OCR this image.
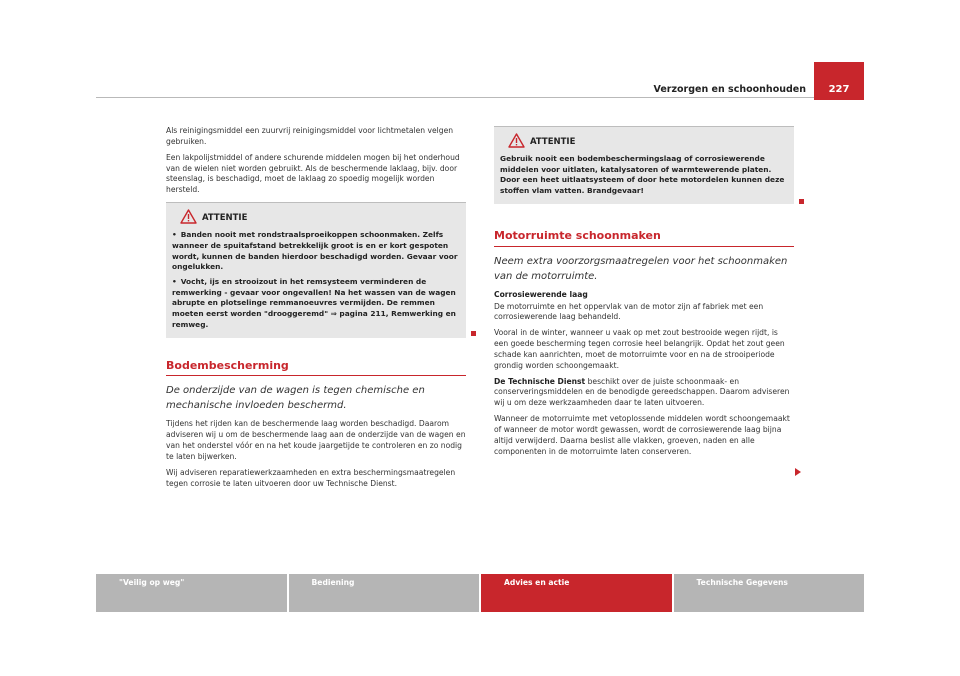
Verzorgen en schoonhouden	227

Als reinigingsmiddel een zuurvrij reinigingsmiddel voor lichtmetalen velgen gebruiken.

Een lakpolijstmiddel of andere schurende middelen mogen bij het onderhoud van de wielen niet worden gebruikt. Als de beschermende laklaag, bijv. door steenslag, is beschadigd, moet de laklaag zo spoedig mogelijk worden hersteld.

ATTENTIE

• Banden nooit met rondstraalsproeikoppen schoonmaken. Zelfs wanneer de spuitafstand betrekkelijk groot is en er kort gespoten wordt, kunnen de banden hierdoor beschadigd worden. Gevaar voor ongelukken.

• Vocht, ijs en strooizout in het remsysteem verminderen de remwerking - gevaar voor ongevallen! Na het wassen van de wagen abrupte en plotselinge remmanoeuvres vermijden. De remmen moeten eerst worden "drooggeremd" ⇒ pagina 211, Remwerking en remweg.

Bodembescherming
De onderzijde van de wagen is tegen chemische en mechanische invloeden beschermd.

Tijdens het rijden kan de beschermende laag worden beschadigd. Daarom adviseren wij u om de beschermende laag aan de onderzijde van de wagen en van het onderstel vóór en na het koude jaargetijde te controleren en zo nodig te laten bijwerken.

Wij adviseren reparatiewerkzaamheden en extra beschermingsmaatregelen tegen corrosie te laten uitvoeren door uw Technische Dienst.

ATTENTIE

Gebruik nooit een bodembeschermingslaag of corrosiewerende middelen voor uitlaten, katalysatoren of warmtewerende platen. Door een heet uitlaatsysteem of door hete motordelen kunnen deze stoffen vlam vatten. Brandgevaar!

Motorruimte schoonmaken
Neem extra voorzorgsmaatregelen voor het schoonmaken van de motorruimte.
Corrosiewerende laag

De motorruimte en het oppervlak van de motor zijn af fabriek met een corrosiewerende laag behandeld.

Vooral in de winter, wanneer u vaak op met zout bestrooide wegen rijdt, is een goede bescherming tegen corrosie heel belangrijk. Opdat het zout geen schade kan aanrichten, moet de motorruimte voor en na de strooiperiode grondig worden schoongemaakt.

De Technische Dienst beschikt over de juiste schoonmaak- en conserveringsmiddelen en de benodigde gereedschappen. Daarom adviseren wij u om deze werkzaamheden daar te laten uitvoeren.

Wanneer de motorruimte met vetoplossende middelen wordt schoongemaakt of wanneer de motor wordt gewassen, wordt de corrosiewerende laag bijna altijd verwijderd. Daarna beslist alle vlakken, groeven, naden en alle componenten in de motorruimte laten conserveren.

"Veilig op weg"	Bediening	Advies en actie	Technische Gegevens
